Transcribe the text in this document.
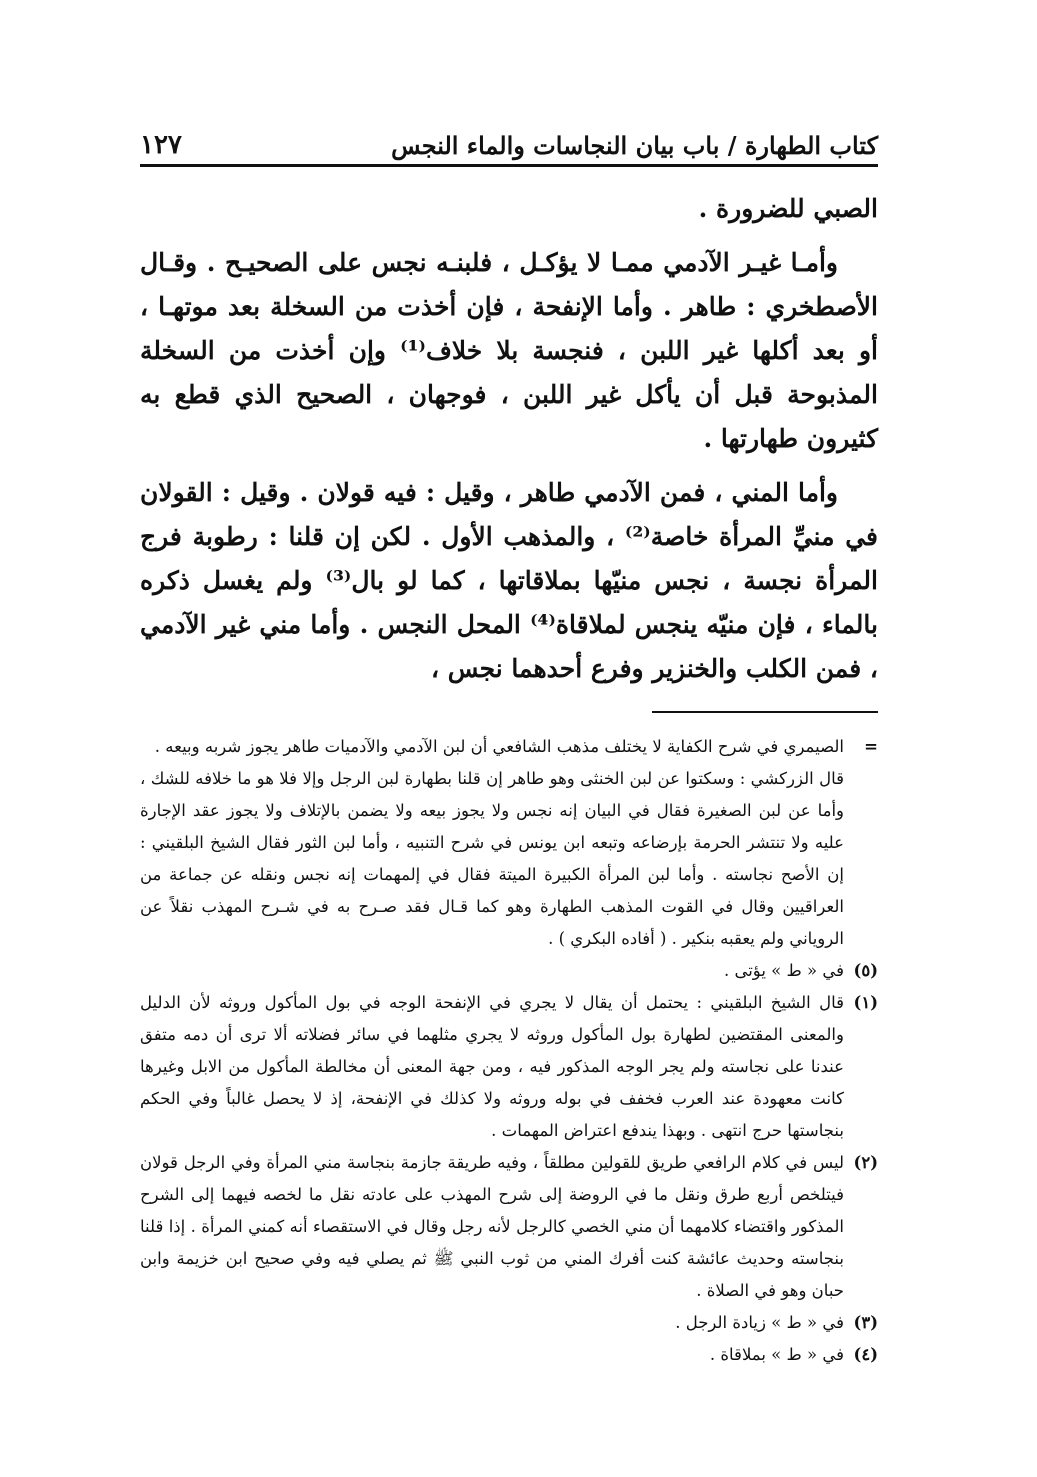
كتاب الطهارة / باب بيان النجاسات والماء النجس
١٢٧

الصبي للضرورة .

وأمـا غيـر الآدمي ممـا لا يؤكـل ، فلبنـه نجس على الصحيـح . وقـال الأصطخري : طاهر . وأما الإنفحة ، فإن أخذت من السخلة بعد موتهـا ، أو بعد أكلها غير اللبن ، فنجسة بلا خلاف⁽¹⁾ وإن أخذت من السخلة المذبوحة قبل أن يأكل غير اللبن ، فوجهان ، الصحيح الذي قطع به كثيرون طهارتها .

وأما المني ، فمن الآدمي طاهر ، وقيل : فيه قولان . وقيل : القولان في منيِّ المرأة خاصة⁽²⁾ ، والمذهب الأول . لكن إن قلنا : رطوبة فرج المرأة نجسة ، نجس منيّها بملاقاتها ، كما لو بال⁽³⁾ ولم يغسل ذكره بالماء ، فإن منيّه ينجس لملاقاة⁽⁴⁾ المحل النجس . وأما مني غير الآدمي ، فمن الكلب والخنزير وفرع أحدهما نجس ،

=

الصيمري في شرح الكفاية لا يختلف مذهب الشافعي أن لبن الآدمي والآدميات طاهر يجوز شربه وبيعه .

قال الزركشي : وسكتوا عن لبن الخنثى وهو طاهر إن قلنا بطهارة لبن الرجل وإلا فلا هو ما خلافه للشك ، وأما عن لبن الصغيرة فقال في البيان إنه نجس ولا يجوز بيعه ولا يضمن بالإتلاف ولا يجوز عقد الإجارة عليه ولا تنتشر الحرمة بإرضاعه وتبعه ابن يونس في شرح التنبيه ، وأما لبن الثور فقال الشيخ البلقيني : إن الأصح نجاسته . وأما لبن المرأة الكبيرة الميتة فقال في إلمهمات إنه نجس ونقله عن جماعة من العراقيين وقال في القوت المذهب الطهارة وهو كما قـال فقد صـرح به في شـرح المهذب نقلاً عن الروياني ولم يعقبه بنكير . ( أفاده البكري ) .

(٥)

في « ط » يؤتى .

(١)

قال الشيخ البلقيني : يحتمل أن يقال لا يجري في الإنفحة الوجه في بول المأكول وروثه لأن الدليل والمعنى المقتضين لطهارة بول المأكول وروثه لا يجري مثلهما في سائر فضلاته ألا ترى أن دمه متفق عندنا على نجاسته ولم يجر الوجه المذكور فيه ، ومن جهة المعنى أن مخالطة المأكول من الابل وغيرها كانت معهودة عند العرب فخفف في بوله وروثه ولا كذلك في الإنفحة، إذ لا يحصل غالباً وفي الحكم بنجاستها حرج انتهى . وبهذا يندفع اعتراض المهمات .

(٢)

ليس في كلام الرافعي طريق للقولين مطلقاً ، وفيه طريقة جازمة بنجاسة مني المرأة وفي الرجل قولان فيتلخص أربع طرق ونقل ما في الروضة إلى شرح المهذب على عادته نقل ما لخصه فيهما إلى الشرح المذكور واقتضاء كلامهما أن مني الخصي كالرجل لأنه رجل وقال في الاستقصاء أنه كمني المرأة . إذا قلنا بنجاسته وحديث عائشة كنت أفرك المني من ثوب النبي ﷺ ثم يصلي فيه وفي صحيح ابن خزيمة وابن حبان وهو في الصلاة .

(٣)

في « ط » زيادة الرجل .

(٤)

في « ط » بملاقاة .
